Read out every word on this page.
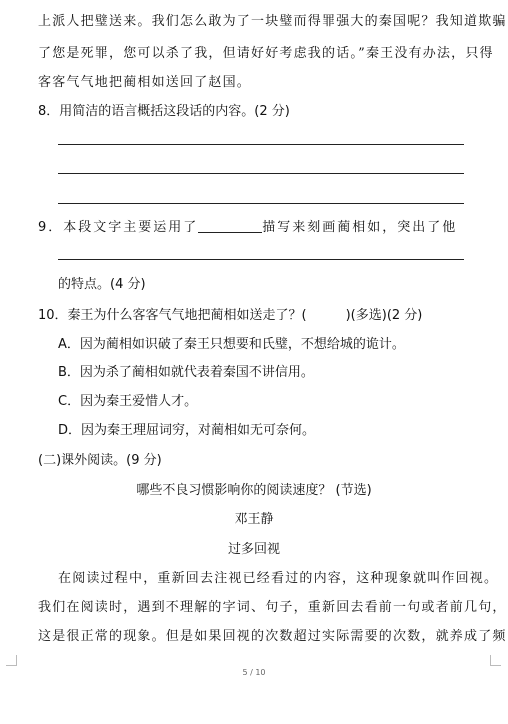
上派人把璧送来。我们怎么敢为了一块璧而得罪强大的秦国呢？我知道欺骗
了您是死罪，您可以杀了我，但请好好考虑我的话。”秦王没有办法，只得
客客气气地把蔺相如送回了赵国。
8．用简洁的语言概括这段话的内容。(2 分)
9．本段文字主要运用了	描写来刻画蔺相如，突出了他
的特点。(4 分)
10．秦王为什么客客气气地把蔺相如送走了？(　　　)(多选)(2 分)
A．因为蔺相如识破了秦王只想要和氏璧，不想给城的诡计。
B．因为杀了蔺相如就代表着秦国不讲信用。
C．因为秦王爱惜人才。
D．因为秦王理屈词穷，对蔺相如无可奈何。
(二)课外阅读。(9 分)
哪些不良习惯影响你的阅读速度？ (节选)
邓王静
过多回视
在阅读过程中，重新回去注视已经看过的内容，这种现象就叫作回视。
我们在阅读时，遇到不理解的字词、句子，重新回去看前一句或者前几句，
这是很正常的现象。但是如果回视的次数超过实际需要的次数，就养成了频
5 / 10
